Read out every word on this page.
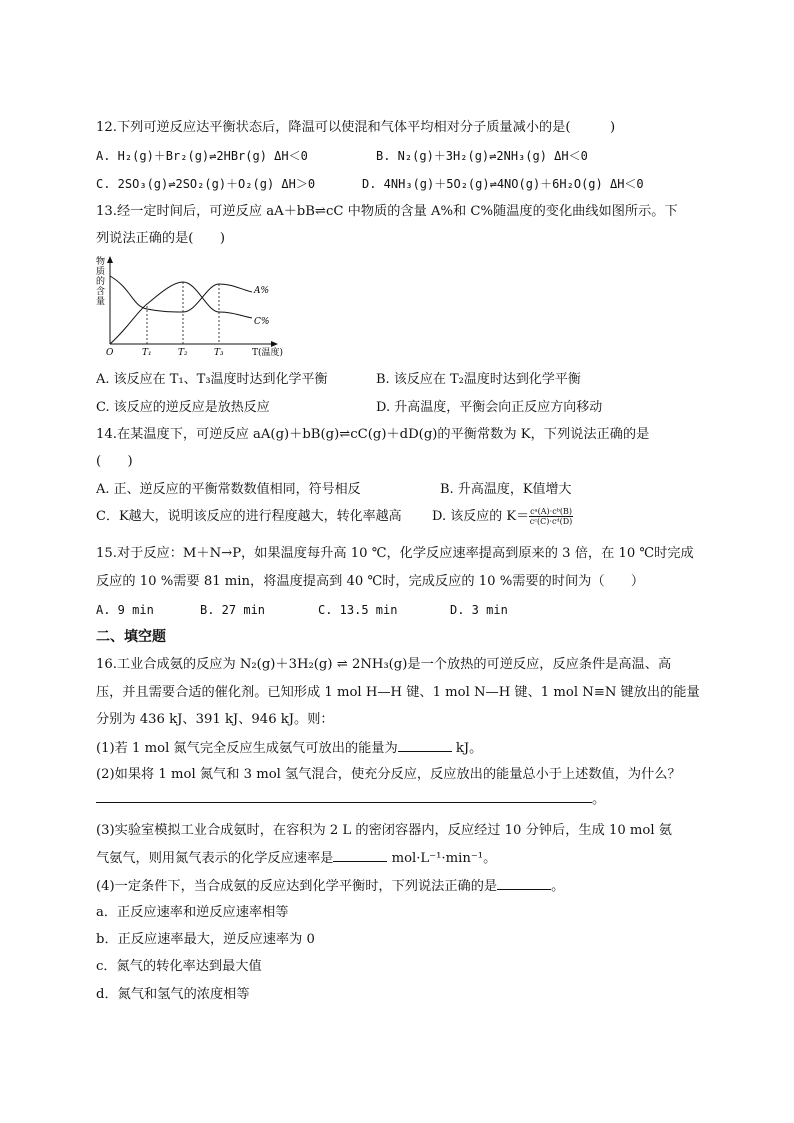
12.下列可逆反应达平衡状态后，降温可以使混和气体平均相对分子质量减小的是(　　　)
A. H₂(g)＋Br₂(g)⇌2HBr(g) ΔH＜0	B. N₂(g)＋3H₂(g)⇌2NH₃(g) ΔH＜0
C. 2SO₃(g)⇌2SO₂(g)＋O₂(g) ΔH＞0	D. 4NH₃(g)＋5O₂(g)⇌4NO(g)＋6H₂O(g) ΔH＜0
13.经一定时间后，可逆反应 aA＋bB⇌cC 中物质的含量 A%和 C%随温度的变化曲线如图所示。下
列说法正确的是(　　)
物
质
的
含
量
A%
C%
O	T₁	T₂	T₃	T(温度)
A. 该反应在 T₁、T₃温度时达到化学平衡	B. 该反应在 T₂温度时达到化学平衡
C. 该反应的逆反应是放热反应	D. 升高温度，平衡会向正反应方向移动
14.在某温度下，可逆反应 aA(g)＋bB(g)⇌cC(g)＋dD(g)的平衡常数为 K，下列说法正确的是
(　　)
A. 正、逆反应的平衡常数数值相同，符号相反	B. 升高温度，K值增大
C．K越大，说明该反应的进行程度越大，转化率越高 D. 该反应的 $K= \frac{\text{cᵃ(A)·cᵇ(B)}}{\text{cᶜ(C)·cᵈ(D)}}$
15.对于反应：M＋N→P，如果温度每升高 10 ℃，化学反应速率提高到原来的 3 倍，在 10 ℃时完成
反应的 10 %需要 81 min，将温度提高到 40 ℃时，完成反应的 10 %需要的时间为（　　）
A. 9 min	B. 27 min	C. 13.5 min	D. 3 min
二、填空题
16.工业合成氨的反应为 N₂(g)＋3H₂(g) ⇌ 2NH₃(g)是一个放热的可逆反应，反应条件是高温、高
压，并且需要合适的催化剂。已知形成 1 mol H—H 键、1 mol N—H 键、1 mol N≡N 键放出的能量
分别为 436 kJ、391 kJ、946 kJ。则：
(1)若 1 mol 氮气完全反应生成氨气可放出的能量为	kJ。
(2)如果将 1 mol 氮气和 3 mol 氢气混合，使充分反应，反应放出的能量总小于上述数值，为什么？
。
(3)实验室模拟工业合成氨时，在容积为 2 L 的密闭容器内，反应经过 10 分钟后，生成 10 mol 氨
气氨气，则用氮气表示的化学反应速率是	mol·L⁻¹·min⁻¹。
(4)一定条件下，当合成氨的反应达到化学平衡时，下列说法正确的是	。
a．正反应速率和逆反应速率相等
b．正反应速率最大，逆反应速率为 0
c．氮气的转化率达到最大值
d．氮气和氢气的浓度相等
